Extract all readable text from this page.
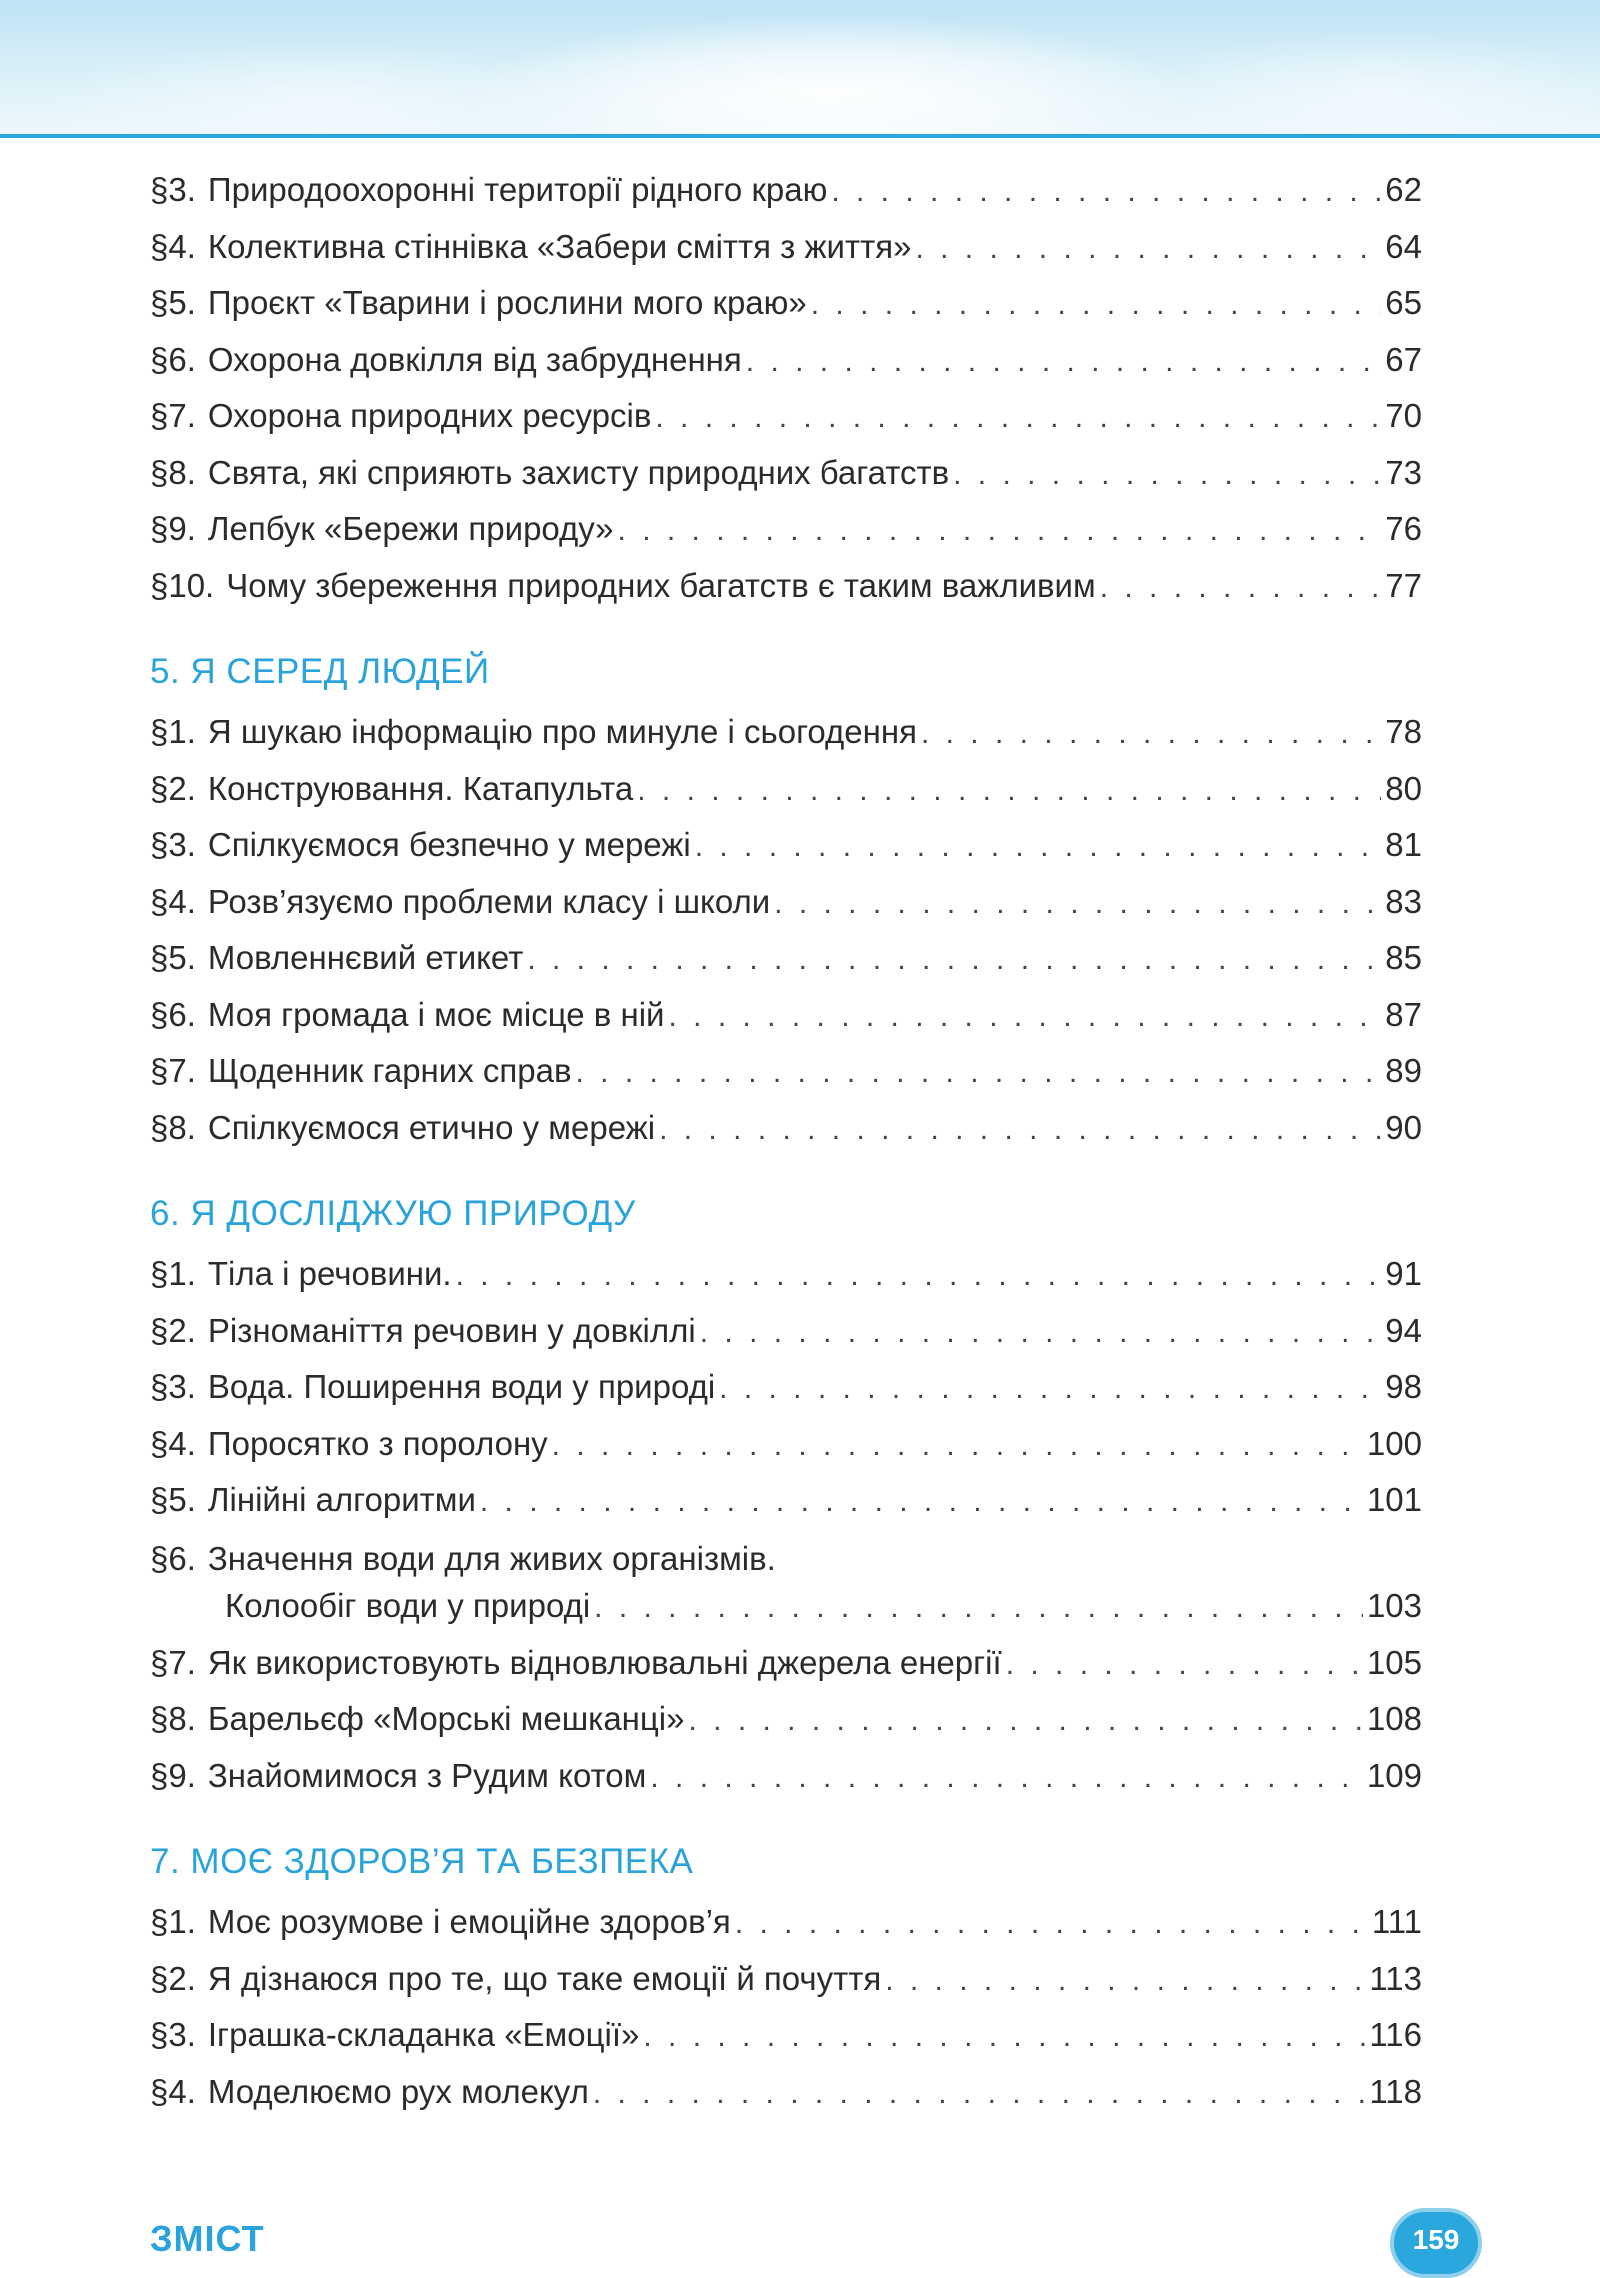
§3. Природоохоронні території рідного краю . . .	62
§4. Колективна стіннівка «Забери сміття з життя» . . .	64
§5. Проєкт «Тварини і рослини мого краю» . . .	65
§6. Охорона довкілля від забруднення . . .	67
§7. Охорона природних ресурсів . . .	70
§8. Свята, які сприяють захисту природних багатств . . .	73
§9. Лепбук «Бережи природу» . . .	76
§10. Чому збереження природних багатств є таким важливим . . .	77
5. Я СЕРЕД ЛЮДЕЙ
§1. Я шукаю інформацію про минуле і сьогодення . . .	78
§2. Конструювання. Катапульта . . .	80
§3. Спілкуємося безпечно у мережі . . .	81
§4. Розв’язуємо проблеми класу і школи . . .	83
§5. Мовленнєвий етикет . . .	85
§6. Моя громада і моє місце в ній . . .	87
§7. Щоденник гарних справ . . .	89
§8. Спілкуємося етично у мережі . . .	90
6. Я ДОСЛІДЖУЮ ПРИРОДУ
§1. Тіла і речовини. . . .	91
§2. Різноманіття речовин у довкіллі . . .	94
§3. Вода. Поширення води у природі . . .	98
§4. Поросятко з поролону . . .	100
§5. Лінійні алгоритми . . .	101
§6. Значення води для живих організмів.
Колообіг води у природі . . .	103
§7. Як використовують відновлювальні джерела енергії . . .	105
§8. Барельєф «Морські мешканці» . . .	108
§9. Знайомимося з Рудим котом . . .	109
7. МОЄ ЗДОРОВ’Я ТА БЕЗПЕКА
§1. Моє розумове і емоційне здоров’я . . .	111
§2. Я дізнаюся про те, що таке емоції й почуття . . .	113
§3. Іграшка-складанка «Емоції» . . .	116
§4. Моделюємо рух молекул . . .	118
ЗМІСТ	159
